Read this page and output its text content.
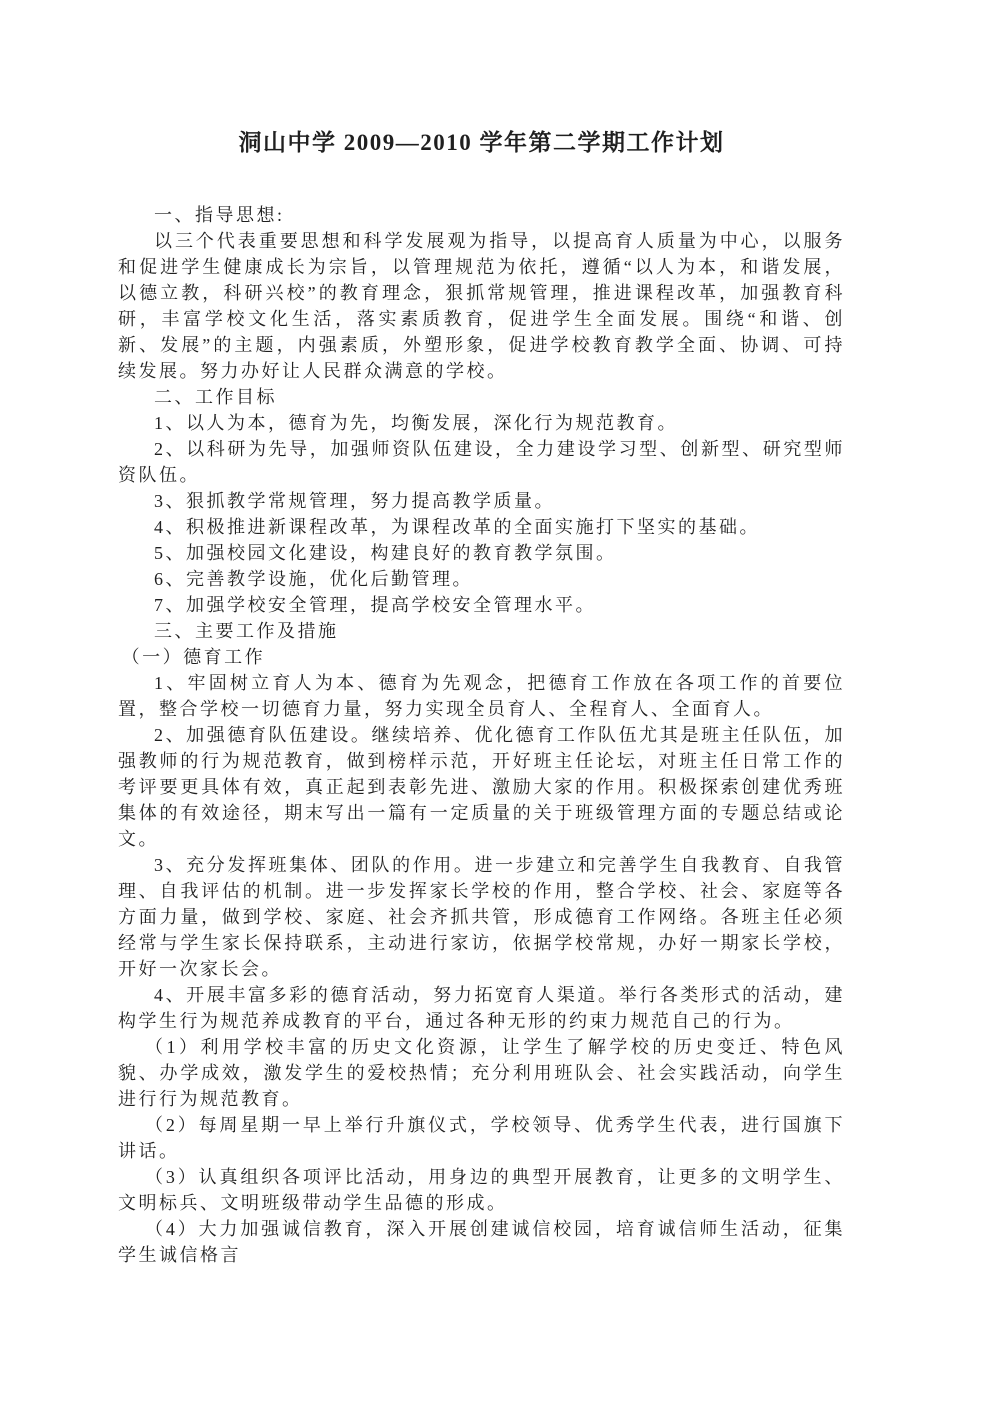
洞山中学 2009—2010 学年第二学期工作计划

一、指导思想:

以三个代表重要思想和科学发展观为指导，以提高育人质量为中心，以服务和促进学生健康成长为宗旨，以管理规范为依托，遵循“以人为本，和谐发展，以德立教，科研兴校”的教育理念，狠抓常规管理，推进课程改革，加强教育科研，丰富学校文化生活，落实素质教育，促进学生全面发展。围绕“和谐、创新、发展”的主题，内强素质，外塑形象，促进学校教育教学全面、协调、可持续发展。努力办好让人民群众满意的学校。

二、工作目标

1、以人为本，德育为先，均衡发展，深化行为规范教育。

2、以科研为先导，加强师资队伍建设，全力建设学习型、创新型、研究型师资队伍。

3、狠抓教学常规管理，努力提高教学质量。

4、积极推进新课程改革，为课程改革的全面实施打下坚实的基础。

5、加强校园文化建设，构建良好的教育教学氛围。

6、完善教学设施，优化后勤管理。

7、加强学校安全管理，提高学校安全管理水平。

三、主要工作及措施

（一）德育工作

1、牢固树立育人为本、德育为先观念，把德育工作放在各项工作的首要位置，整合学校一切德育力量，努力实现全员育人、全程育人、全面育人。

2、加强德育队伍建设。继续培养、优化德育工作队伍尤其是班主任队伍，加强教师的行为规范教育，做到榜样示范，开好班主任论坛，对班主任日常工作的考评要更具体有效，真正起到表彰先进、激励大家的作用。积极探索创建优秀班集体的有效途径，期末写出一篇有一定质量的关于班级管理方面的专题总结或论文。

3、充分发挥班集体、团队的作用。进一步建立和完善学生自我教育、自我管理、自我评估的机制。进一步发挥家长学校的作用，整合学校、社会、家庭等各方面力量，做到学校、家庭、社会齐抓共管，形成德育工作网络。各班主任必须经常与学生家长保持联系，主动进行家访，依据学校常规，办好一期家长学校，开好一次家长会。

4、开展丰富多彩的德育活动，努力拓宽育人渠道。举行各类形式的活动，建构学生行为规范养成教育的平台，通过各种无形的约束力规范自己的行为。

（1）利用学校丰富的历史文化资源，让学生了解学校的历史变迁、特色风貌、办学成效，激发学生的爱校热情；充分利用班队会、社会实践活动，向学生进行行为规范教育。

（2）每周星期一早上举行升旗仪式，学校领导、优秀学生代表，进行国旗下讲话。

（3）认真组织各项评比活动，用身边的典型开展教育，让更多的文明学生、文明标兵、文明班级带动学生品德的形成。

（4）大力加强诚信教育，深入开展创建诚信校园，培育诚信师生活动，征集学生诚信格言
